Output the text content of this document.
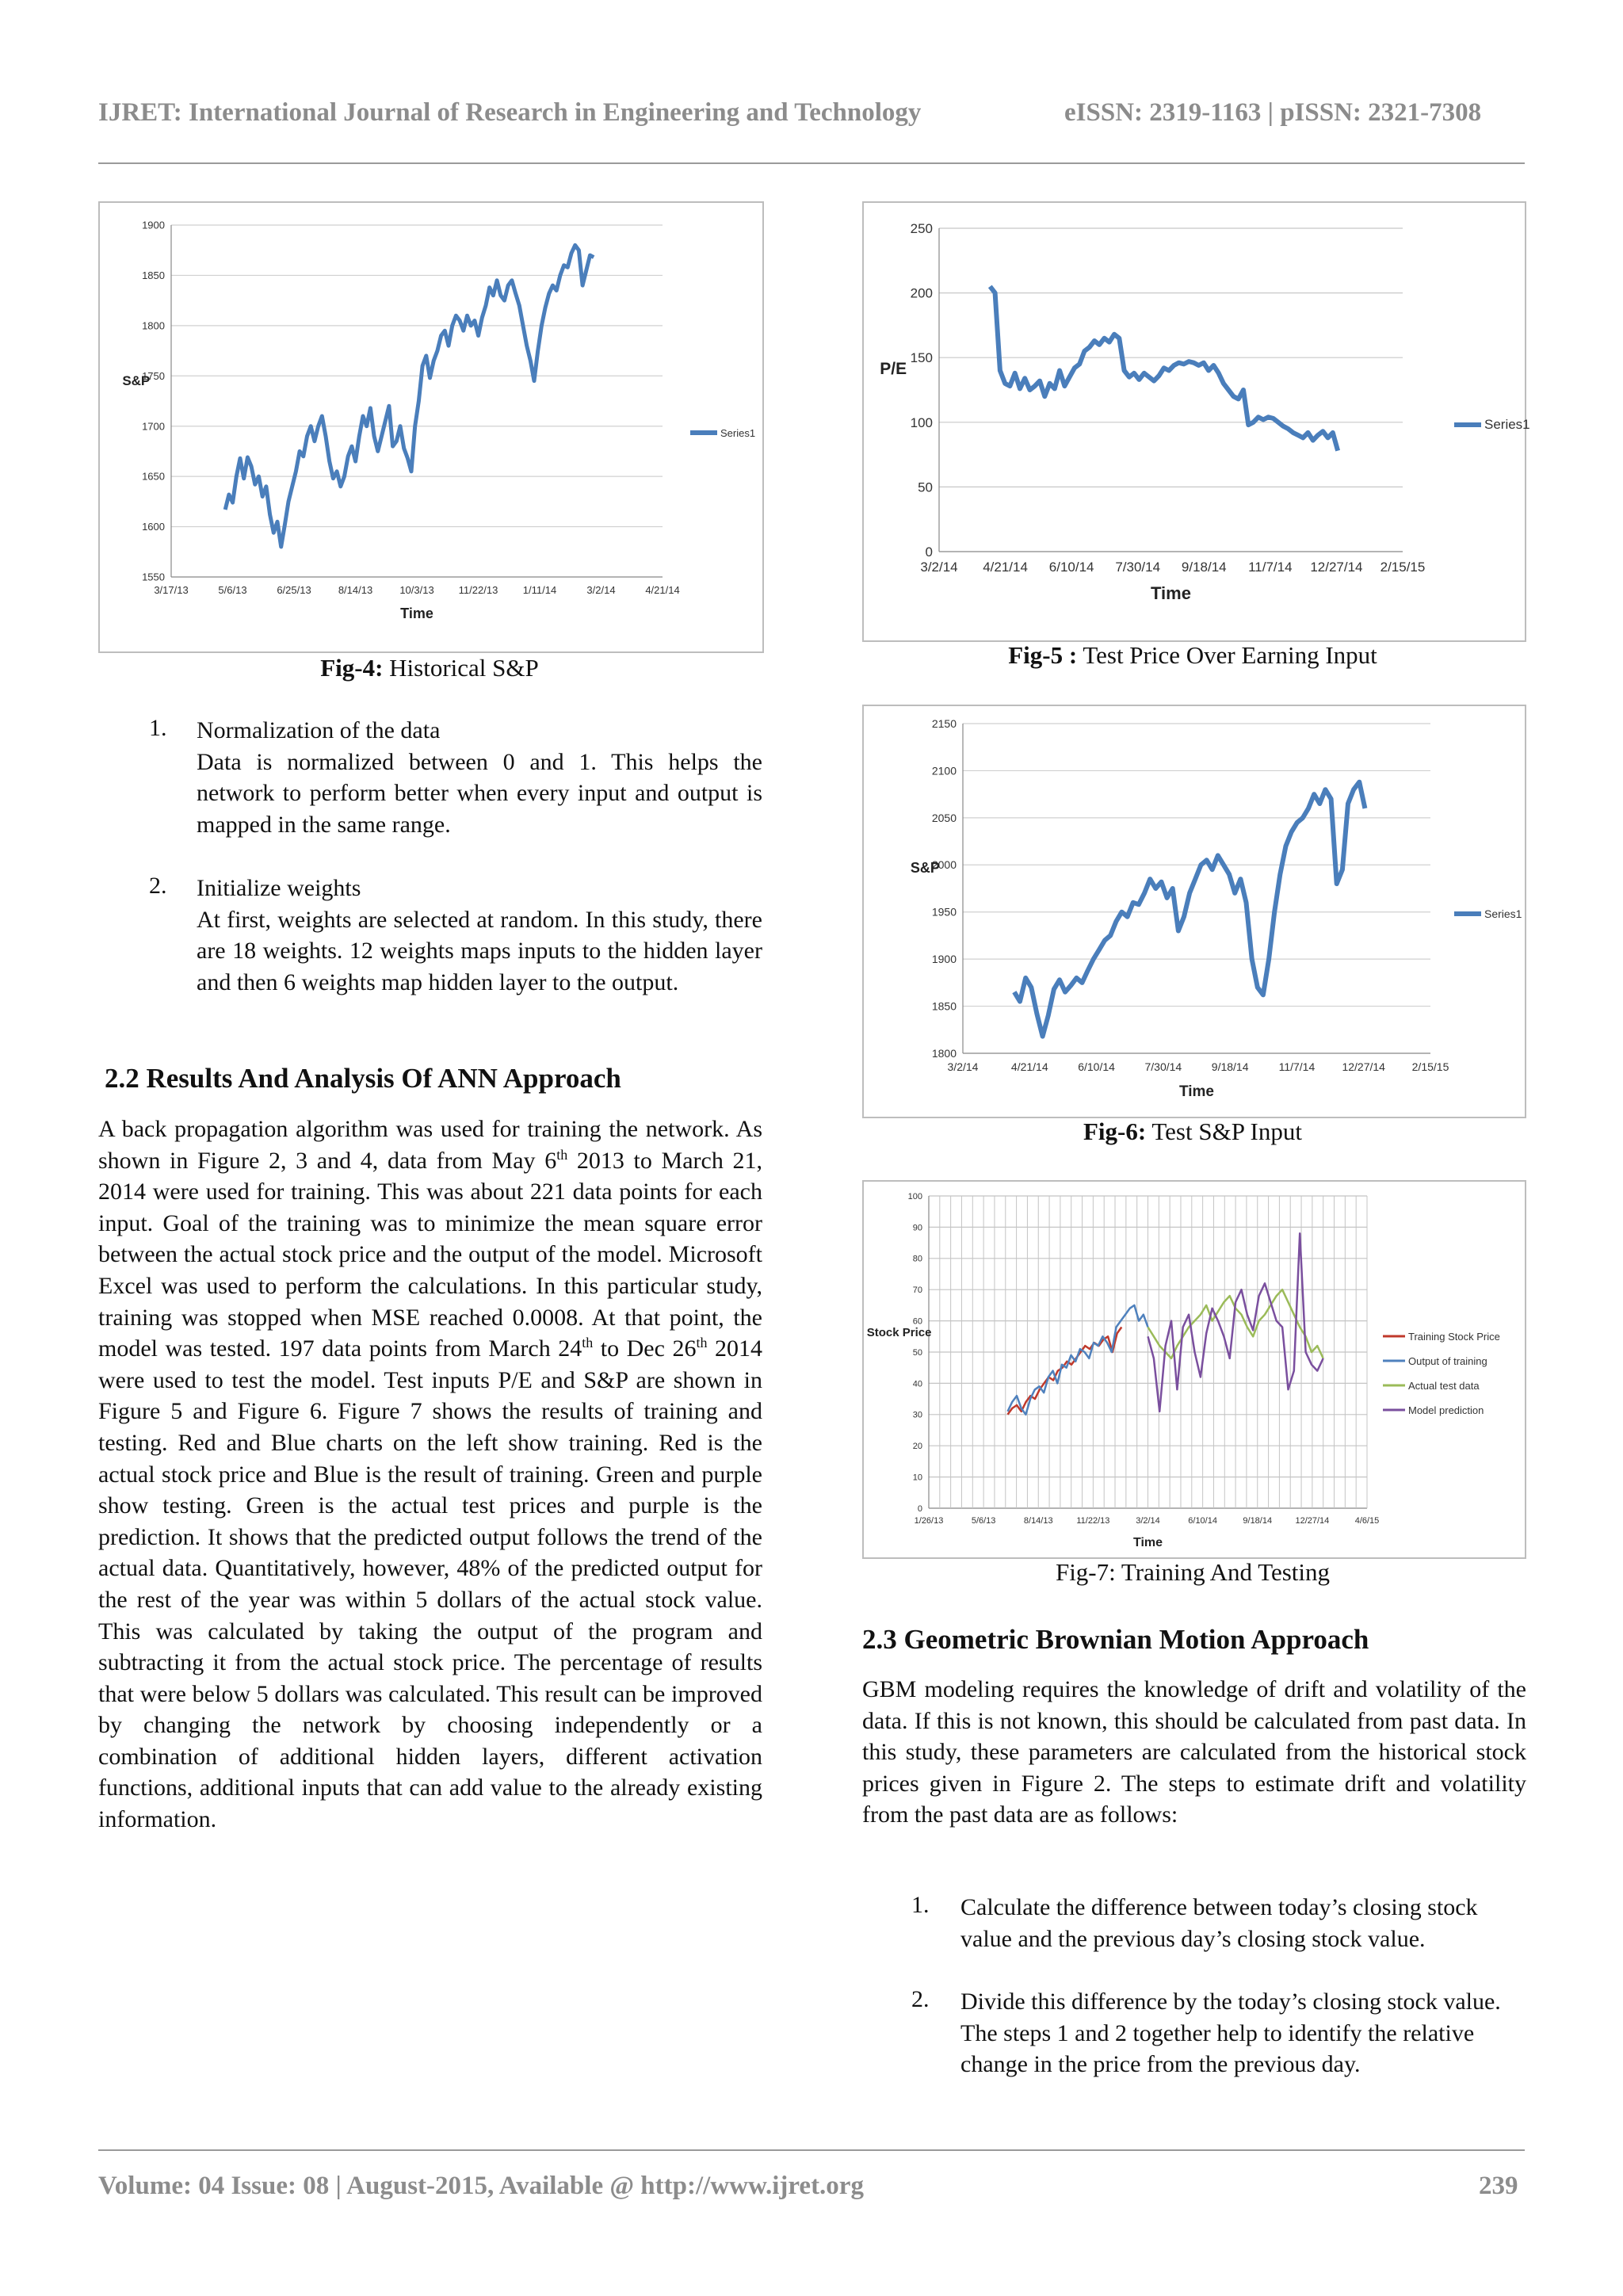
IJRET: International Journal of Research in Engineering and Technology	eISSN: 2319-1163 | pISSN: 2321-7308
1550
1600
1650
1700
1750
1800
1850
1900
3/17/13	5/6/13	6/25/13	8/14/13	10/3/13 11/22/13 1/11/14	3/2/14	4/21/14
Time
S&P
Series1
Fig-4: Historical S&P
1. Normalization of the data
Data is normalized between 0 and 1. This helps the network to perform better when every input and output is mapped in the same range.
2. Initialize weights
At first, weights are selected at random. In this study, there are 18 weights. 12 weights maps inputs to the hidden layer and then 6 weights map hidden layer to the output.
2.2 Results And Analysis Of ANN Approach
A back propagation algorithm was used for training the network. As shown in Figure 2, 3 and 4, data from May 6th 2013 to March 21, 2014 were used for training. This was about 221 data points for each input. Goal of the training was to minimize the mean square error between the actual stock price and the output of the model. Microsoft Excel was used to perform the calculations. In this particular study, training was stopped when MSE reached 0.0008. At that point, the model was tested. 197 data points from March 24th to Dec 26th 2014 were used to test the model. Test inputs P/E and S&P are shown in Figure 5 and Figure 6. Figure 7 shows the results of training and testing. Red and Blue charts on the left show training. Red is the actual stock price and Blue is the result of training. Green and purple show testing. Green is the actual test prices and purple is the prediction. It shows that the predicted output follows the trend of the actual data. Quantitatively, however, 48% of the predicted output for the rest of the year was within 5 dollars of the actual stock value. This was calculated by taking the output of the program and subtracting it from the actual stock price. The percentage of results that were below 5 dollars was calculated. This result can be improved by changing the network by choosing independently or a combination of additional hidden layers, different activation functions, additional inputs that can add value to the already existing information.
0
50
100
150
200
250
3/2/14 4/21/14 6/10/14 7/30/14 9/18/14 11/7/14 12/27/14 2/15/15
Time
P/E
Series1
Fig-5 : Test Price Over Earning Input
1800
1850
1900
1950
2000
2050
2100
2150
3/2/14	4/21/14	6/10/14	7/30/14	9/18/14	11/7/14 12/27/14 2/15/15
Time
S&P
Series1
Fig-6: Test S&P Input
0
10
20
30
40
50
60
70
80
90
100
1/26/13	5/6/13	8/14/13	11/22/13	3/2/14	6/10/14	9/18/14	12/27/14	4/6/15
Time
Stock Price	Training Stock Price
Output of training
Actual test data
Model prediction
Fig-7: Training And Testing
2.3 Geometric Brownian Motion Approach
GBM modeling requires the knowledge of drift and volatility of the data. If this is not known, this should be calculated from past data. In this study, these parameters are calculated from the historical stock prices given in Figure 2. The steps to estimate drift and volatility from the past data are as follows:
1. Calculate the difference between today’s closing stock value and the previous day’s closing stock value.
2. Divide this difference by the today’s closing stock value. The steps 1 and 2 together help to identify the relative change in the price from the previous day.
Volume: 04 Issue: 08 | August-2015, Available @ http://www.ijret.org	239
